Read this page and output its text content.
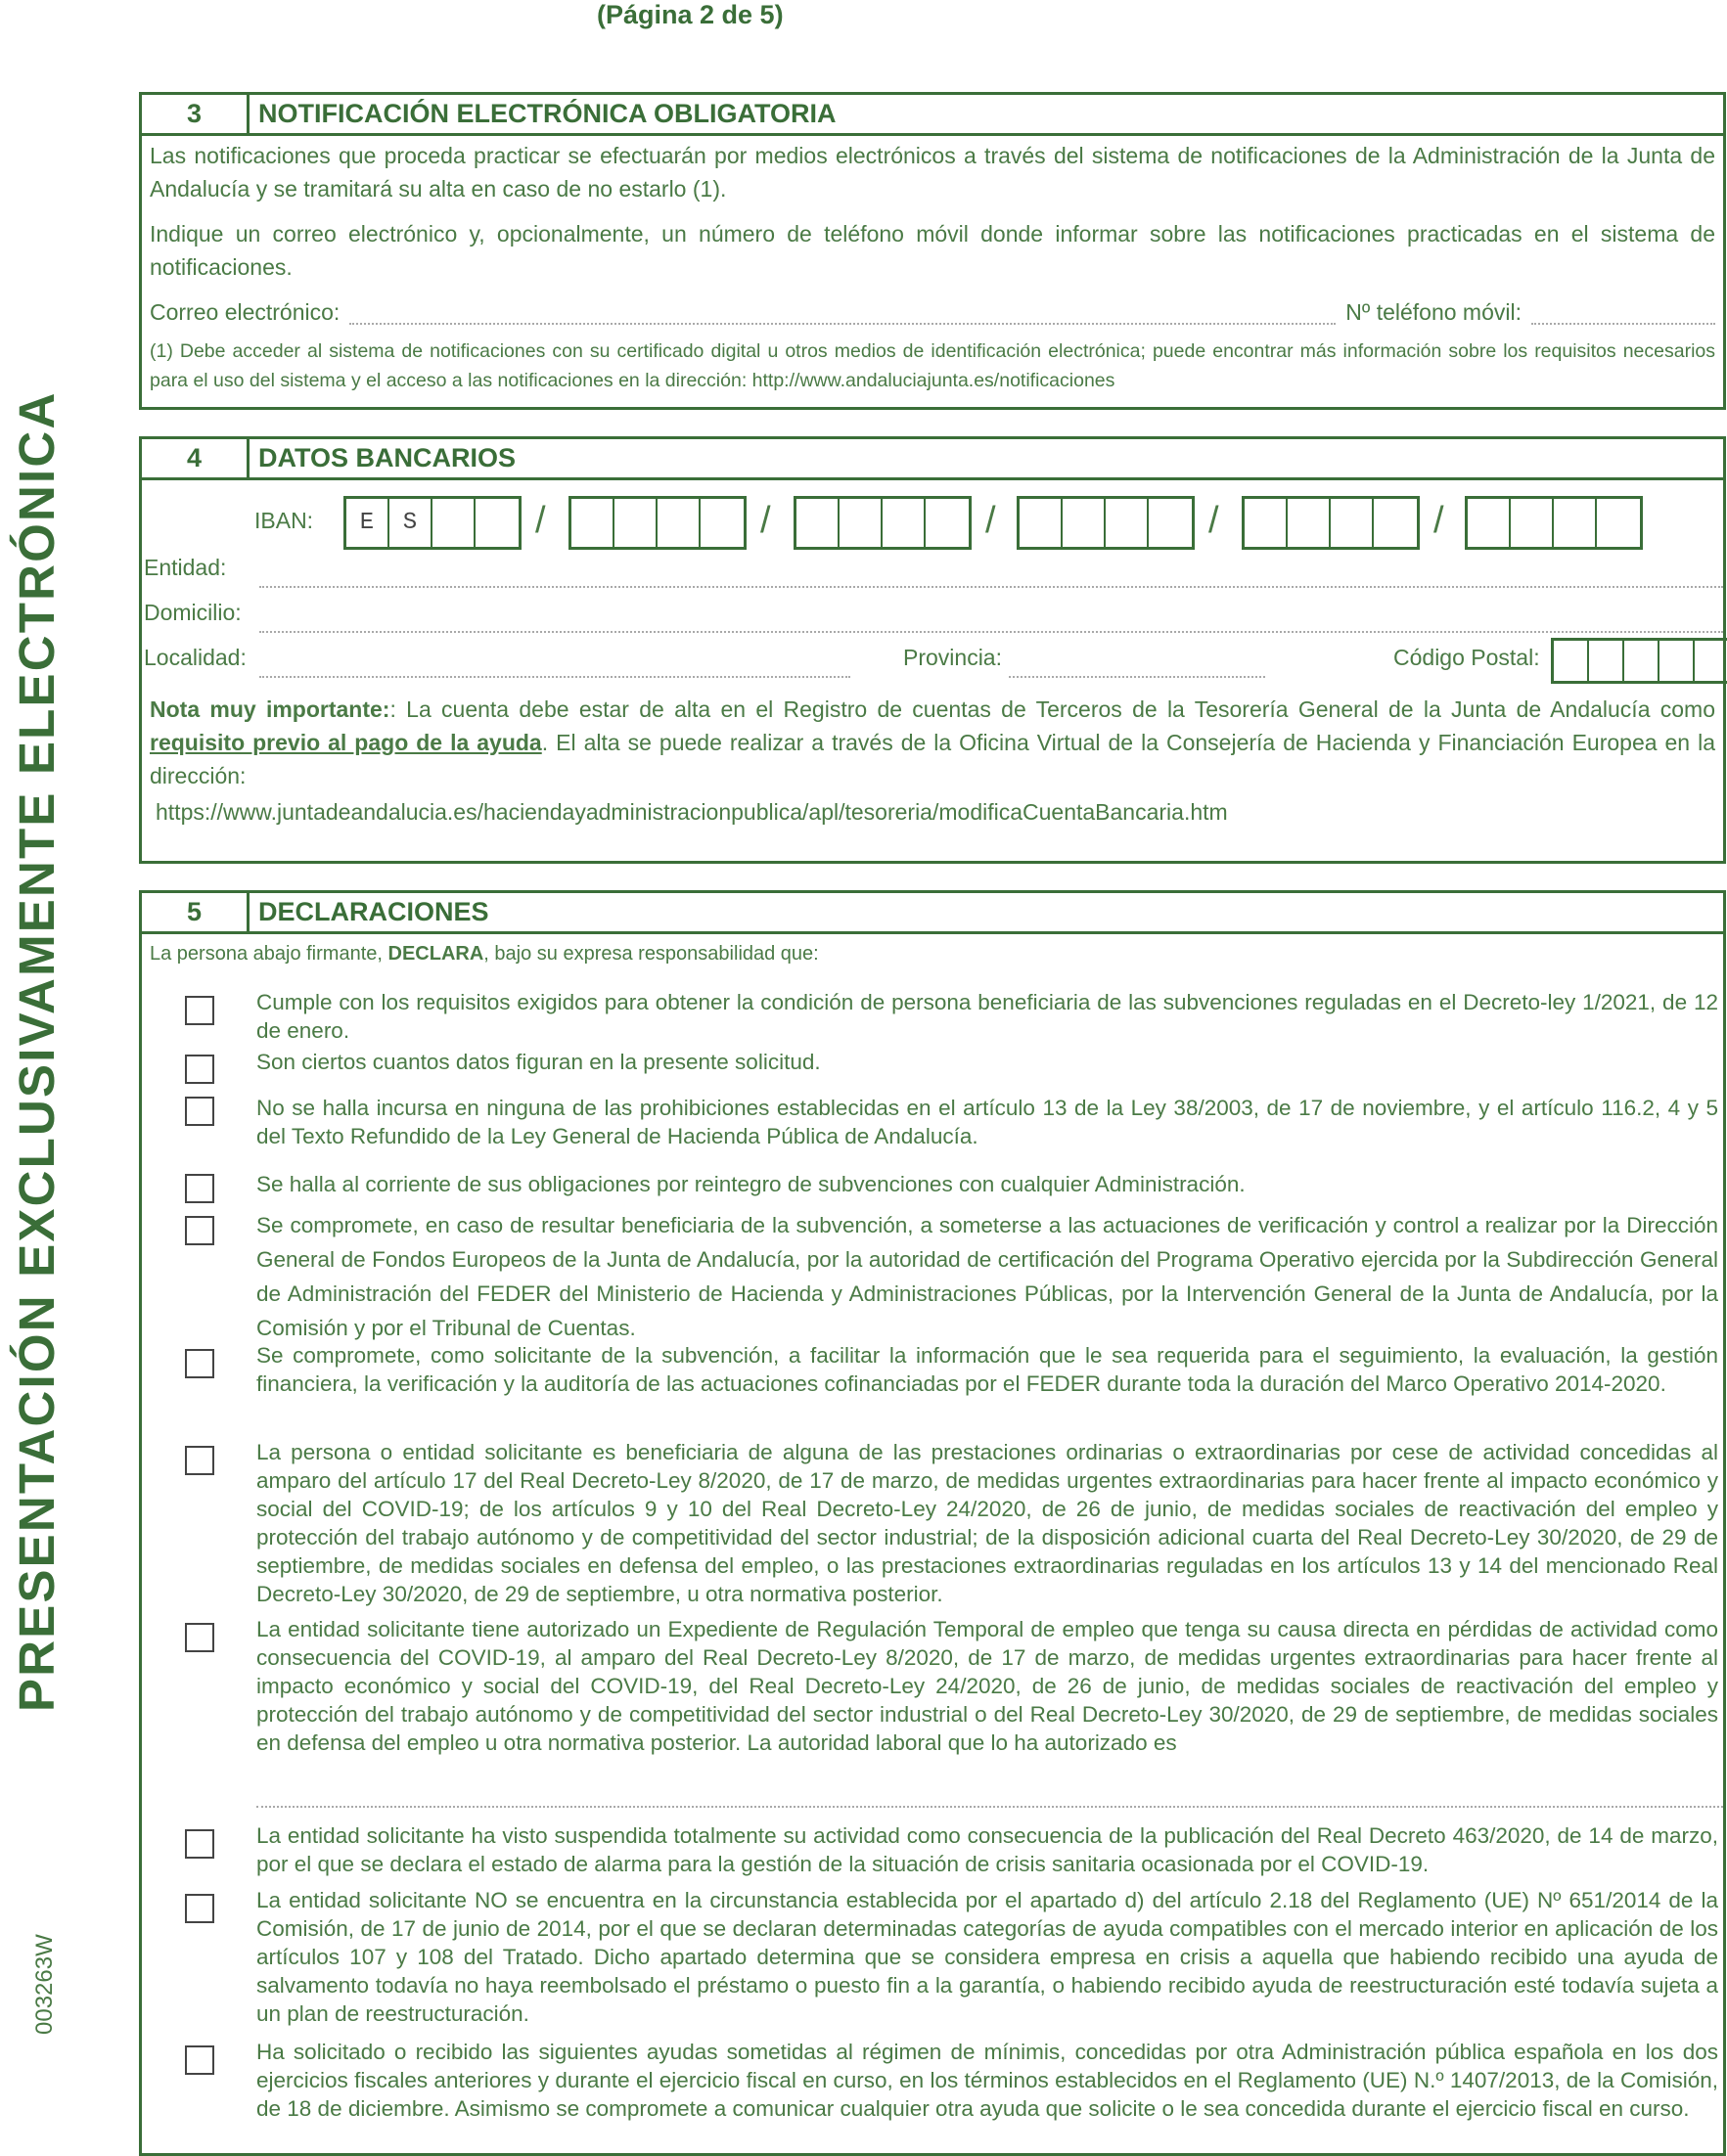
(Página 2 de 5)
PRESENTACIÓN EXCLUSIVAMENTE ELECTRÓNICA
003263W
3	NOTIFICACIÓN ELECTRÓNICA OBLIGATORIA
Las notificaciones que proceda practicar se efectuarán por medios electrónicos a través del sistema de notificaciones de la Administración de la Junta de Andalucía y se tramitará su alta en caso de no estarlo (1).
Indique un correo electrónico y, opcionalmente, un número de teléfono móvil donde informar sobre las notificaciones practicadas en el sistema de notificaciones.
Correo electrónico:	Nº teléfono móvil:
(1) Debe acceder al sistema de notificaciones con su certificado digital u otros medios de identificación electrónica; puede encontrar más información sobre los requisitos necesarios para el uso del sistema y el acceso a las notificaciones en la dirección: http://www.andaluciajunta.es/notificaciones
4	DATOS BANCARIOS
IBAN:	E	S	/	/	/	/	/
Entidad:
Domicilio:
Localidad:	Provincia:	Código Postal:
Nota muy importante:: La cuenta debe estar de alta en el Registro de cuentas de Terceros de la Tesorería General de la Junta de Andalucía como requisito previo al pago de la ayuda. El alta se puede realizar a través de la Oficina Virtual de la Consejería de Hacienda y Financiación Europea en la dirección:
https://www.juntadeandalucia.es/haciendayadministracionpublica/apl/tesoreria/modificaCuentaBancaria.htm
5	DECLARACIONES
La persona abajo firmante, DECLARA, bajo su expresa responsabilidad que:
Cumple con los requisitos exigidos para obtener la condición de persona beneficiaria de las subvenciones reguladas en el Decreto-ley 1/2021, de 12 de enero.
Son ciertos cuantos datos figuran en la presente solicitud.
No se halla incursa en ninguna de las prohibiciones establecidas en el artículo 13 de la Ley 38/2003, de 17 de noviembre, y el artículo 116.2, 4 y 5 del Texto Refundido de la Ley General de Hacienda Pública de Andalucía.
Se halla al corriente de sus obligaciones por reintegro de subvenciones con cualquier Administración.
Se compromete, en caso de resultar beneficiaria de la subvención, a someterse a las actuaciones de verificación y control a realizar por la Dirección General de Fondos Europeos de la Junta de Andalucía, por la autoridad de certificación del Programa Operativo ejercida por la Subdirección General de Administración del FEDER del Ministerio de Hacienda y Administraciones Públicas, por la Intervención General de la Junta de Andalucía, por la Comisión y por el Tribunal de Cuentas.
Se compromete, como solicitante de la subvención, a facilitar la información que le sea requerida para el seguimiento, la evaluación, la gestión financiera, la verificación y la auditoría de las actuaciones cofinanciadas por el FEDER durante toda la duración del Marco Operativo 2014-2020.
La persona o entidad solicitante es beneficiaria de alguna de las prestaciones ordinarias o extraordinarias por cese de actividad concedidas al amparo del artículo 17 del Real Decreto-Ley 8/2020, de 17 de marzo, de medidas urgentes extraordinarias para hacer frente al impacto económico y social del COVID-19; de los artículos 9 y 10 del Real Decreto-Ley 24/2020, de 26 de junio, de medidas sociales de reactivación del empleo y protección del trabajo autónomo y de competitividad del sector industrial; de la disposición adicional cuarta del Real Decreto-Ley 30/2020, de 29 de septiembre, de medidas sociales en defensa del empleo, o las prestaciones extraordinarias reguladas en los artículos 13 y 14 del mencionado Real Decreto-Ley 30/2020, de 29 de septiembre, u otra normativa posterior.
La entidad solicitante tiene autorizado un Expediente de Regulación Temporal de empleo que tenga su causa directa en pérdidas de actividad como consecuencia del COVID-19, al amparo del Real Decreto-Ley 8/2020, de 17 de marzo, de medidas urgentes extraordinarias para hacer frente al impacto económico y social del COVID-19, del Real Decreto-Ley 24/2020, de 26 de junio, de medidas sociales de reactivación del empleo y protección del trabajo autónomo y de competitividad del sector industrial o del Real Decreto-Ley 30/2020, de 29 de septiembre, de medidas sociales en defensa del empleo u otra normativa posterior. La autoridad laboral que lo ha autorizado es
La entidad solicitante ha visto suspendida totalmente su actividad como consecuencia de la publicación del Real Decreto 463/2020, de 14 de marzo, por el que se declara el estado de alarma para la gestión de la situación de crisis sanitaria ocasionada por el COVID-19.
La entidad solicitante NO se encuentra en la circunstancia establecida por el apartado d) del artículo 2.18 del Reglamento (UE) Nº 651/2014 de la Comisión, de 17 de junio de 2014, por el que se declaran determinadas categorías de ayuda compatibles con el mercado interior en aplicación de los artículos 107 y 108 del Tratado. Dicho apartado determina que se considera empresa en crisis a aquella que habiendo recibido una ayuda de salvamento todavía no haya reembolsado el préstamo o puesto fin a la garantía, o habiendo recibido ayuda de reestructuración esté todavía sujeta a un plan de reestructuración.
Ha solicitado o recibido las siguientes ayudas sometidas al régimen de mínimis, concedidas por otra Administración pública española en los dos ejercicios fiscales anteriores y durante el ejercicio fiscal en curso, en los términos establecidos en el Reglamento (UE) N.º 1407/2013, de la Comisión, de 18 de diciembre. Asimismo se compromete a comunicar cualquier otra ayuda que solicite o le sea concedida durante el ejercicio fiscal en curso.
